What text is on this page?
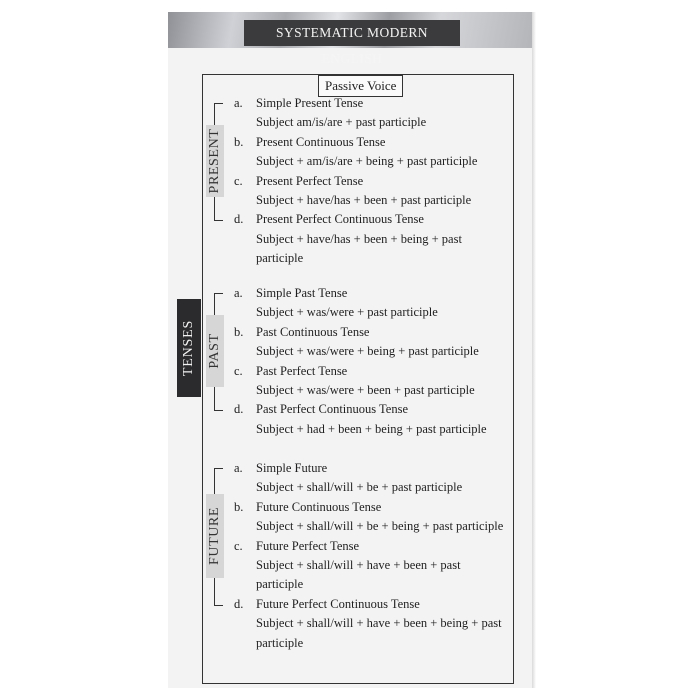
SYSTEMATIC MODERN ENGLISH
Passive Voice
TENSES
a. Simple Present Tense
Subject am/is/are + past participle
b. Present Continuous Tense
Subject + am/is/are + being + past participle
c. Present Perfect Tense
Subject + have/has + been + past participle
d. Present Perfect Continuous Tense
Subject + have/has + been + being + past
participle
PRESENT
a. Simple Past Tense
Subject + was/were + past participle
b. Past Continuous Tense
Subject + was/were + being + past participle
c. Past Perfect Tense
Subject + was/were + been + past participle
d. Past Perfect Continuous Tense
Subject + had + been + being + past participle
PAST
a. Simple Future
Subject + shall/will + be + past participle
b. Future Continuous Tense
Subject + shall/will + be + being + past participle
c. Future Perfect Tense
Subject + shall/will + have + been + past
participle
d. Future Perfect Continuous Tense
Subject + shall/will + have + been + being + past
participle
FUTURE
